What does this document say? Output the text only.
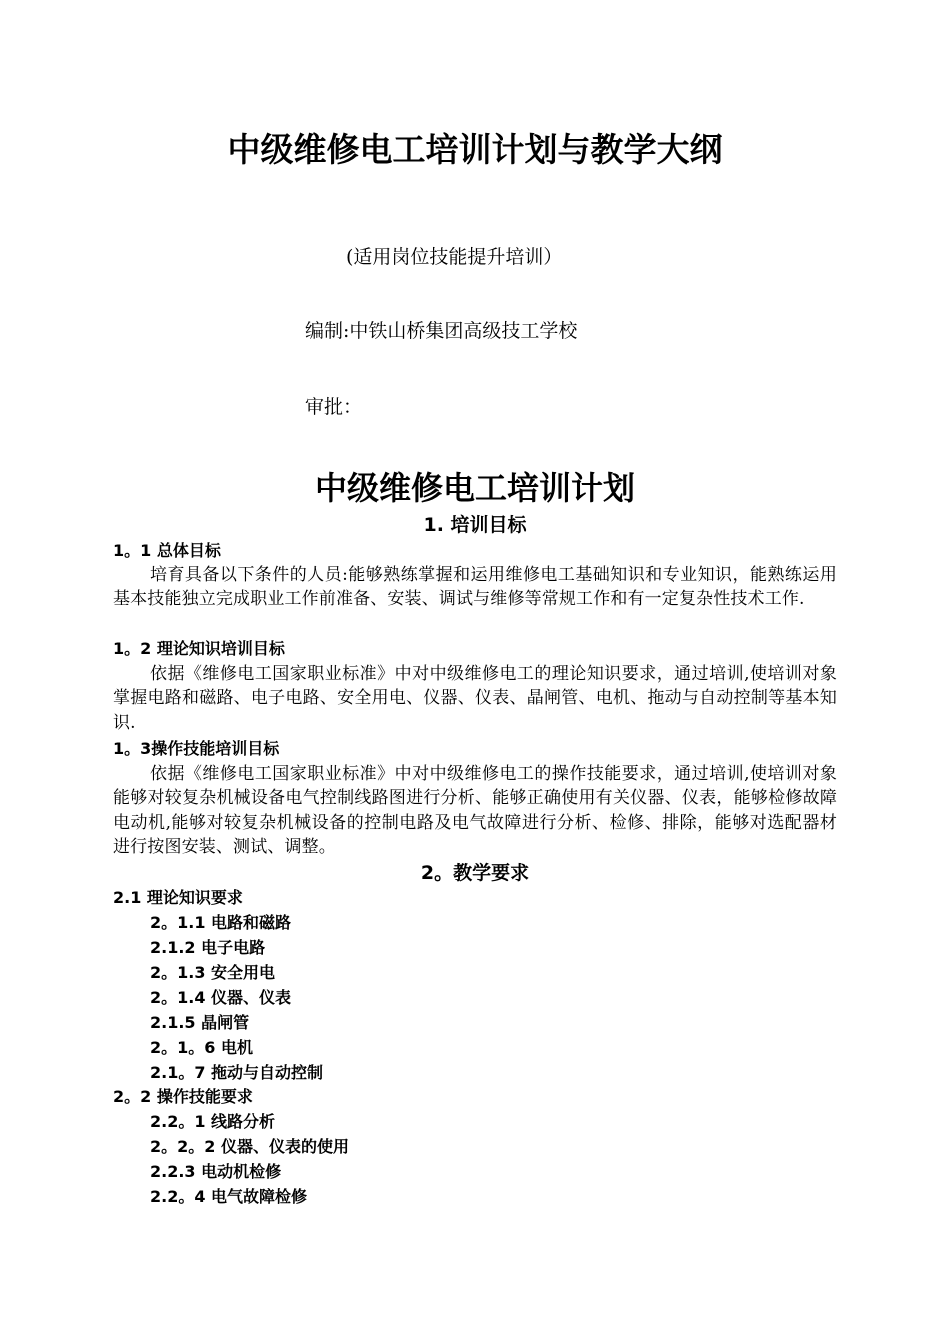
中级维修电工培训计划与教学大纲
(适用岗位技能提升培训）
编制:中铁山桥集团高级技工学校
审批：
中级维修电工培训计划
1. 培训目标
1。1 总体目标
培育具备以下条件的人员:能够熟练掌握和运用维修电工基础知识和专业知识，能熟练运用基本技能独立完成职业工作前准备、安装、调试与维修等常规工作和有一定复杂性技术工作.
1。2 理论知识培训目标
依据《维修电工国家职业标准》中对中级维修电工的理论知识要求，通过培训,使培训对象掌握电路和磁路、电子电路、安全用电、仪器、仪表、晶闸管、电机、拖动与自动控制等基本知识.
1。3操作技能培训目标
依据《维修电工国家职业标准》中对中级维修电工的操作技能要求，通过培训,使培训对象能够对较复杂机械设备电气控制线路图进行分析、能够正确使用有关仪器、仪表，能够检修故障电动机,能够对较复杂机械设备的控制电路及电气故障进行分析、检修、排除，能够对选配器材进行按图安装、测试、调整。
2。教学要求
2.1 理论知识要求
2。1.1 电路和磁路
2.1.2 电子电路
2。1.3 安全用电
2。1.4 仪器、仪表
2.1.5 晶闸管
2。1。6 电机
2.1。7 拖动与自动控制
2。2 操作技能要求
2.2。1 线路分析
2。2。2 仪器、仪表的使用
2.2.3 电动机检修
2.2。4 电气故障检修
